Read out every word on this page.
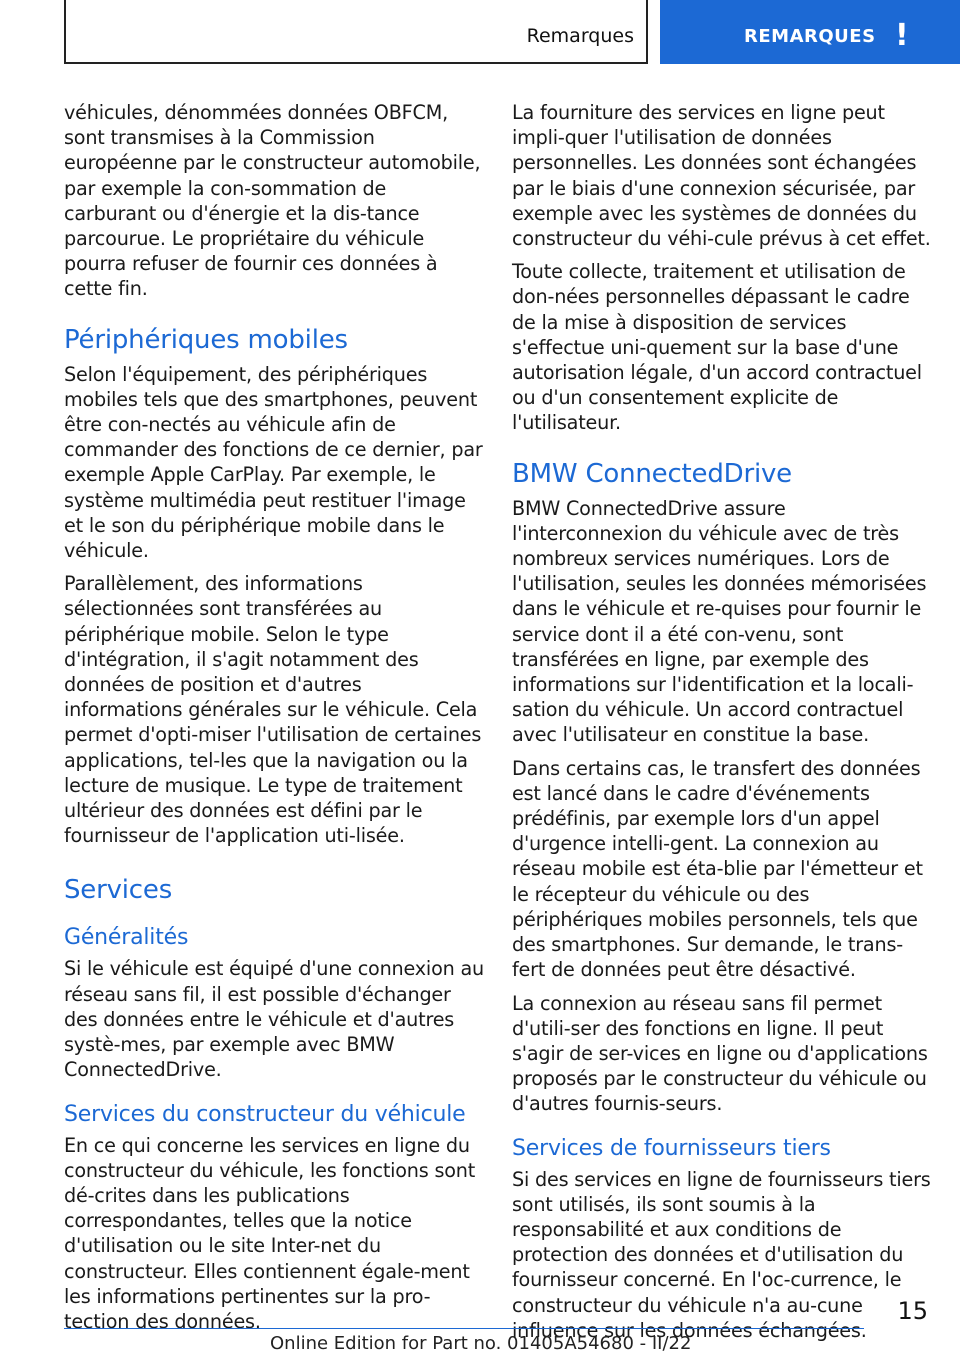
Remarques	REMARQUES !

véhicules, dénommées données OBFCM, sont transmises à la Commission européenne par le constructeur automobile, par exemple la con-sommation de carburant ou d'énergie et la dis-tance parcourue. Le propriétaire du véhicule pourra refuser de fournir ces données à cette fin.

Périphériques mobiles

Selon l'équipement, des périphériques mobiles tels que des smartphones, peuvent être con-nectés au véhicule afin de commander des fonctions de ce dernier, par exemple Apple CarPlay. Par exemple, le système multimédia peut restituer l'image et le son du périphérique mobile dans le véhicule.

Parallèlement, des informations sélectionnées sont transférées au périphérique mobile. Selon le type d'intégration, il s'agit notamment des données de position et d'autres informations générales sur le véhicule. Cela permet d'opti-miser l'utilisation de certaines applications, tel-les que la navigation ou la lecture de musique. Le type de traitement ultérieur des données est défini par le fournisseur de l'application uti-lisée.

Services
Généralités

Si le véhicule est équipé d'une connexion au réseau sans fil, il est possible d'échanger des données entre le véhicule et d'autres systè-mes, par exemple avec BMW ConnectedDrive.

Services du constructeur du véhicule

En ce qui concerne les services en ligne du constructeur du véhicule, les fonctions sont dé-crites dans les publications correspondantes, telles que la notice d'utilisation ou le site Inter-net du constructeur. Elles contiennent égale-ment les informations pertinentes sur la pro-tection des données.

La fourniture des services en ligne peut impli-quer l'utilisation de données personnelles. Les données sont échangées par le biais d'une connexion sécurisée, par exemple avec les systèmes de données du constructeur du véhi-cule prévus à cet effet.

Toute collecte, traitement et utilisation de don-nées personnelles dépassant le cadre de la mise à disposition de services s'effectue uni-quement sur la base d'une autorisation légale, d'un accord contractuel ou d'un consentement explicite de l'utilisateur.

BMW ConnectedDrive

BMW ConnectedDrive assure l'interconnexion du véhicule avec de très nombreux services numériques. Lors de l'utilisation, seules les données mémorisées dans le véhicule et re-quises pour fournir le service dont il a été con-venu, sont transférées en ligne, par exemple des informations sur l'identification et la locali-sation du véhicule. Un accord contractuel avec l'utilisateur en constitue la base.

Dans certains cas, le transfert des données est lancé dans le cadre d'événements prédéfinis, par exemple lors d'un appel d'urgence intelli-gent. La connexion au réseau mobile est éta-blie par l'émetteur et le récepteur du véhicule ou des périphériques mobiles personnels, tels que des smartphones. Sur demande, le trans-fert de données peut être désactivé.

La connexion au réseau sans fil permet d'utili-ser des fonctions en ligne. Il peut s'agir de ser-vices en ligne ou d'applications proposés par le constructeur du véhicule ou d'autres fournis-seurs.

Services de fournisseurs tiers

Si des services en ligne de fournisseurs tiers sont utilisés, ils sont soumis à la responsabilité et aux conditions de protection des données et d'utilisation du fournisseur concerné. En l'oc-currence, le constructeur du véhicule n'a au-cune influence sur les données échangées.

15
Online Edition for Part no. 01405A54680 - II/22
